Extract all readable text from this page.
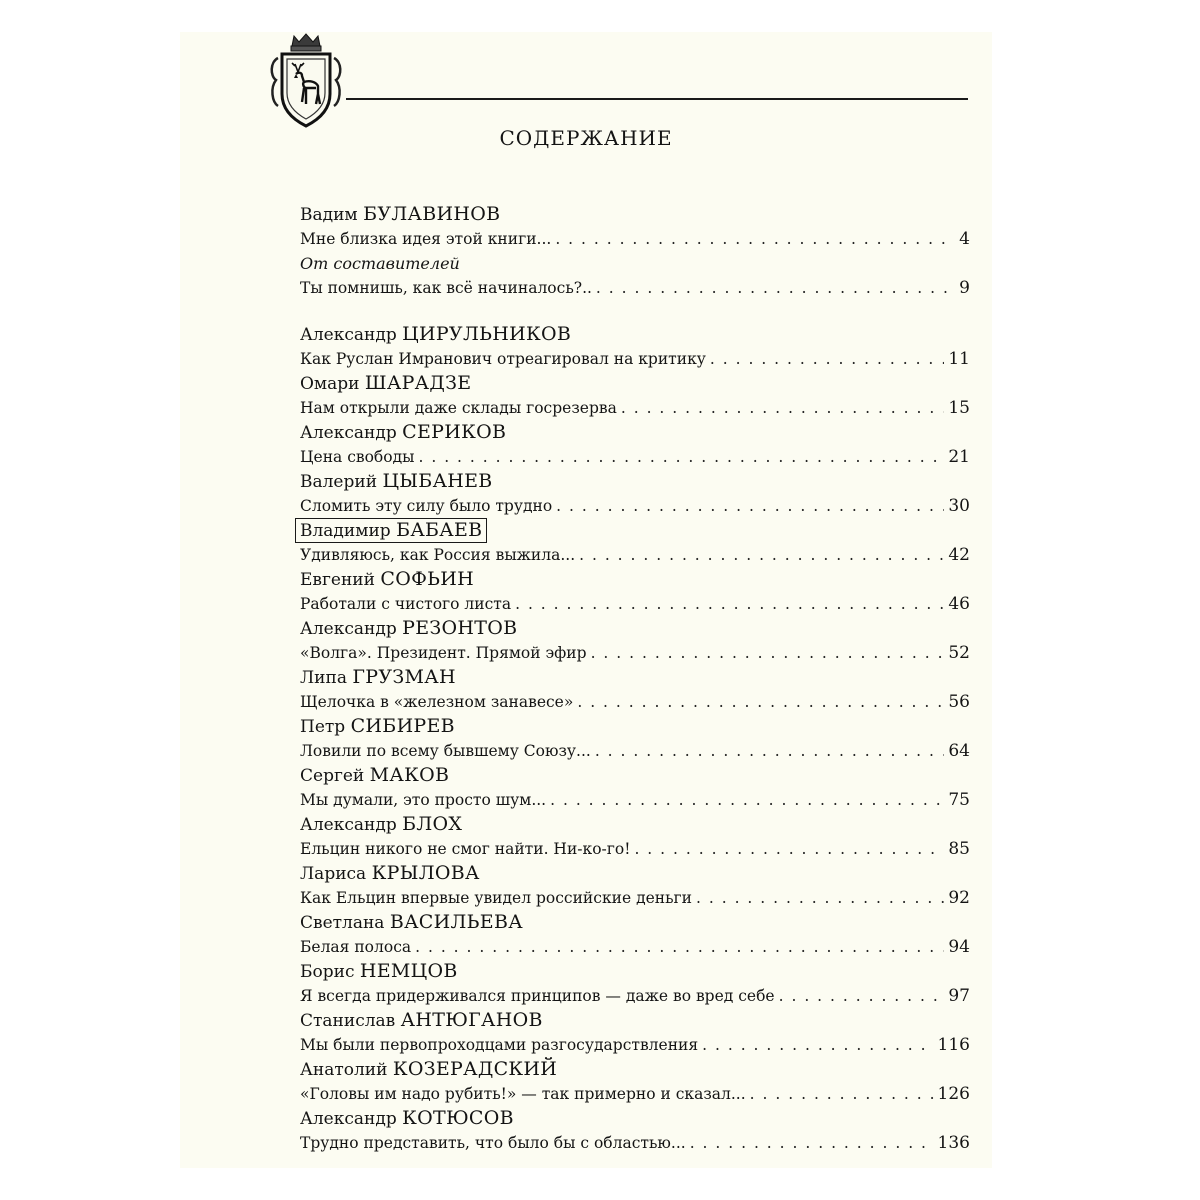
СОДЕРЖАНИЕ
Вадим БУЛАВИНОВ
Мне близка идея этой книги... . . .	4
От составителей
Ты помнишь, как всё начиналось?.. . . .	9
Александр ЦИРУЛЬНИКОВ
Как Руслан Имранович отреагировал на критику . . .	11
Омари ШАРАДЗЕ
Нам открыли даже склады госрезерва . . .	15
Александр СЕРИКОВ
Цена свободы . . .	21
Валерий ЦЫБАНЕВ
Сломить эту силу было трудно . . .	30
Владимир БАБАЕВ
Удивляюсь, как Россия выжила... . . .	42
Евгений СОФЬИН
Работали с чистого листа . . .	46
Александр РЕЗОНТОВ
«Волга». Президент. Прямой эфир . . .	52
Липа ГРУЗМАН
Щелочка в «железном занавесе» . . .	56
Петр СИБИРЕВ
Ловили по всему бывшему Союзу... . . .	64
Сергей МАКОВ
Мы думали, это просто шум... . . .	75
Александр БЛОХ
Ельцин никого не смог найти. Ни-ко-го! . . .	85
Лариса КРЫЛОВА
Как Ельцин впервые увидел российские деньги . . .	92
Светлана ВАСИЛЬЕВА
Белая полоса . . .	94
Борис НЕМЦОВ
Я всегда придерживался принципов — даже во вред себе . . .	97
Станислав АНТЮГАНОВ
Мы были первопроходцами разгосударствления . . .	116
Анатолий КОЗЕРАДСКИЙ
«Головы им надо рубить!» — так примерно и сказал... . . .	126
Александр КОТЮСОВ
Трудно представить, что было бы с областью... . . .	136
